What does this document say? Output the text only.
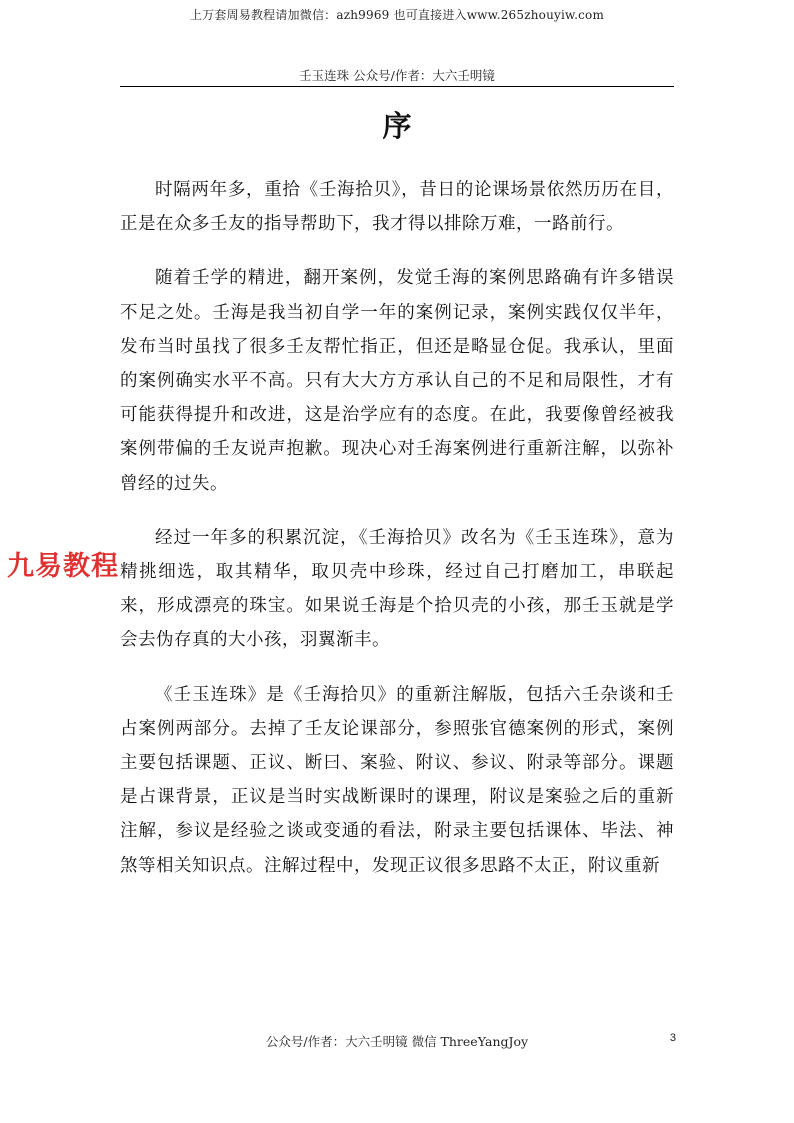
上万套周易教程请加微信：azh9969 也可直接进入www.265zhouyiw.com
壬玉连珠 公众号/作者：大六壬明镜
序

时隔两年多，重拾《壬海拾贝》，昔日的论课场景依然历历在目，正是在众多壬友的指导帮助下，我才得以排除万难，一路前行。

随着壬学的精进，翻开案例，发觉壬海的案例思路确有许多错误不足之处。壬海是我当初自学一年的案例记录，案例实践仅仅半年，发布当时虽找了很多壬友帮忙指正，但还是略显仓促。我承认，里面的案例确实水平不高。只有大大方方承认自己的不足和局限性，才有可能获得提升和改进，这是治学应有的态度。在此，我要像曾经被我案例带偏的壬友说声抱歉。现决心对壬海案例进行重新注解，以弥补曾经的过失。

经过一年多的积累沉淀，《壬海拾贝》改名为《壬玉连珠》，意为精挑细选，取其精华，取贝壳中珍珠，经过自己打磨加工，串联起来，形成漂亮的珠宝。如果说壬海是个拾贝壳的小孩，那壬玉就是学会去伪存真的大小孩，羽翼渐丰。

《壬玉连珠》是《壬海拾贝》的重新注解版，包括六壬杂谈和壬占案例两部分。去掉了壬友论课部分，参照张官德案例的形式，案例主要包括课题、正议、断曰、案验、附议、参议、附录等部分。课题是占课背景，正议是当时实战断课时的课理，附议是案验之后的重新注解，参议是经验之谈或变通的看法，附录主要包括课体、毕法、神煞等相关知识点。注解过程中，发现正议很多思路不太正，附议重新

九易教程
公众号/作者：大六壬明镜 微信 ThreeYangJoy	3
